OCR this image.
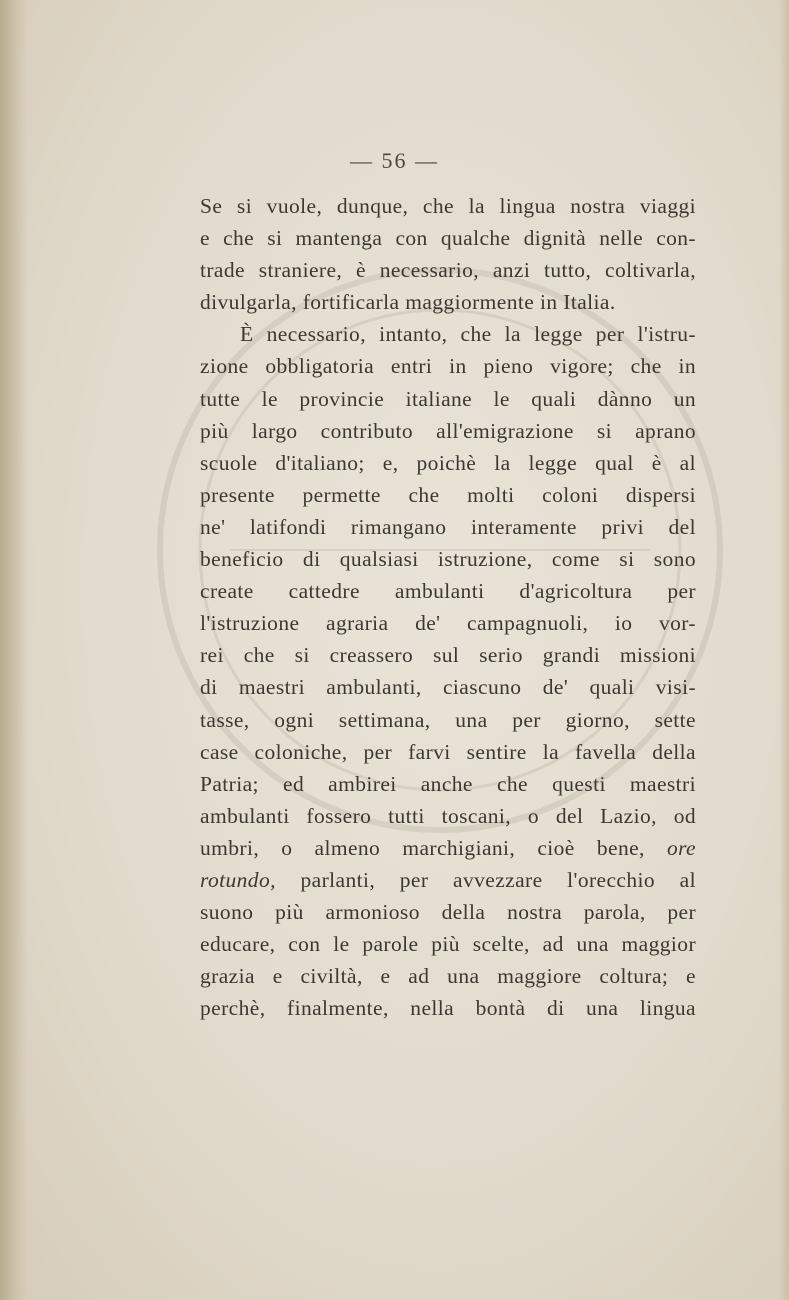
— 56 —
Se si vuole, dunque, che la lingua nostra viaggi
e che si mantenga con qualche dignità nelle con-
trade straniere, è necessario, anzi tutto, coltivarla,
divulgarla, fortificarla maggiormente in Italia.
È necessario, intanto, che la legge per l'istru-
zione obbligatoria entri in pieno vigore; che in
tutte le provincie italiane le quali dànno un
più largo contributo all'emigrazione si aprano
scuole d'italiano; e, poichè la legge qual è al
presente permette che molti coloni dispersi
ne' latifondi rimangano interamente privi del
beneficio di qualsiasi istruzione, come si sono
create cattedre ambulanti d'agricoltura per
l'istruzione agraria de' campagnuoli, io vor-
rei che si creassero sul serio grandi missioni
di maestri ambulanti, ciascuno de' quali visi-
tasse, ogni settimana, una per giorno, sette
case coloniche, per farvi sentire la favella della
Patria; ed ambirei anche che questi maestri
ambulanti fossero tutti toscani, o del Lazio, od
umbri, o almeno marchigiani, cioè bene, ore
rotundo, parlanti, per avvezzare l'orecchio al
suono più armonioso della nostra parola, per
educare, con le parole più scelte, ad una maggior
grazia e civiltà, e ad una maggiore coltura; e
perchè, finalmente, nella bontà di una lingua
